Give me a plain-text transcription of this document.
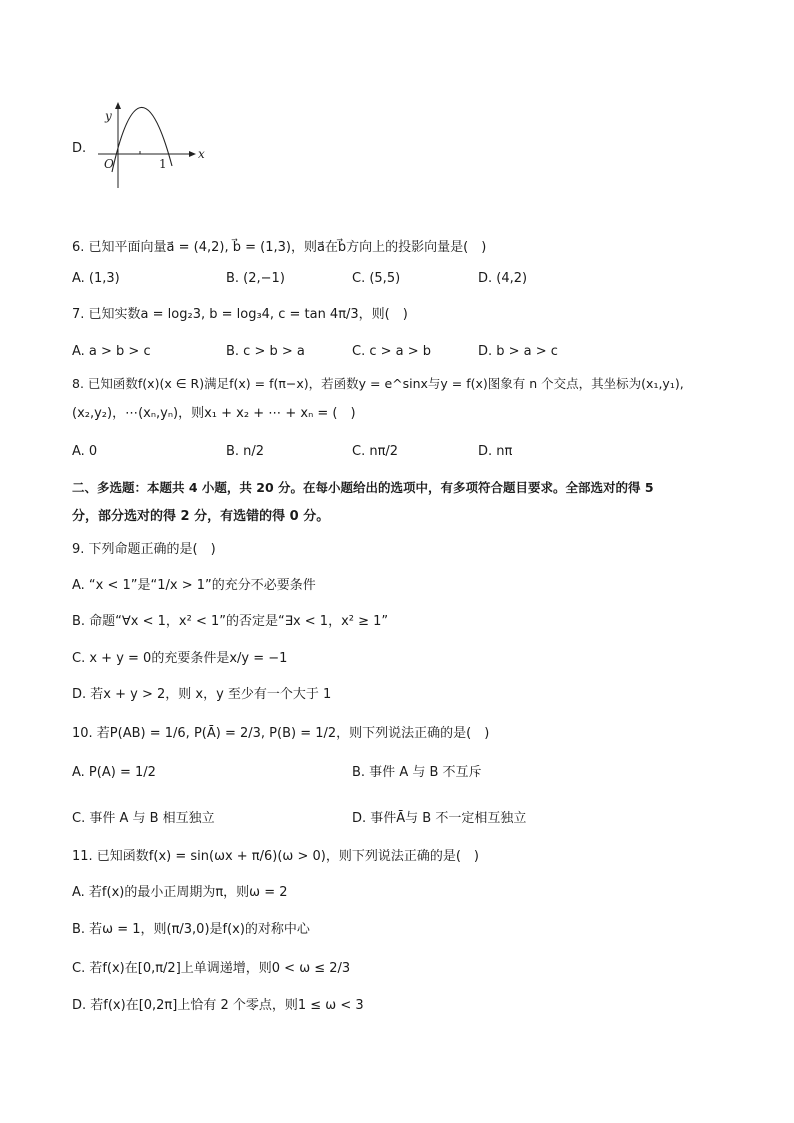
D.
y
x
O	1
6. 已知平面向量a⃗ = (4,2), b⃗ = (1,3)，则a⃗在b⃗方向上的投影向量是(　)
A. (1,3)	B. (2,−1)	C. (5,5)	D. (4,2)
7. 已知实数a = log₂3, b = log₃4, c = tan 4π/3，则(　)
A. a > b > c	B. c > b > a	C. c > a > b	D. b > a > c
8. 已知函数f(x)(x ∈ R)满足f(x) = f(π−x)，若函数y = e^sinx与y = f(x)图象有 n 个交点，其坐标为(x₁,y₁),
(x₂,y₂)，⋯(xₙ,yₙ)，则x₁ + x₂ + ⋯ + xₙ = (　)
A. 0	B. n/2	C. nπ/2	D. nπ
二、多选题：本题共 4 小题，共 20 分。在每小题给出的选项中，有多项符合题目要求。全部选对的得 5
分，部分选对的得 2 分，有选错的得 0 分。
9. 下列命题正确的是(　)
A. “x < 1”是“1/x > 1”的充分不必要条件
B. 命题“∀x < 1，x² < 1”的否定是“∃x < 1，x² ≥ 1”
C. x + y = 0的充要条件是x/y = −1
D. 若x + y > 2，则 x，y 至少有一个大于 1
10. 若P(AB) = 1/6, P(Ā) = 2/3, P(B) = 1/2，则下列说法正确的是(　)
A. P(A) = 1/2	B. 事件 A 与 B 不互斥
C. 事件 A 与 B 相互独立	D. 事件Ā与 B 不一定相互独立
11. 已知函数f(x) = sin(ωx + π/6)(ω > 0)，则下列说法正确的是(　)
A. 若f(x)的最小正周期为π，则ω = 2
B. 若ω = 1，则(π/3,0)是f(x)的对称中心
C. 若f(x)在[0,π/2]上单调递增，则0 < ω ≤ 2/3
D. 若f(x)在[0,2π]上恰有 2 个零点，则1 ≤ ω < 3
